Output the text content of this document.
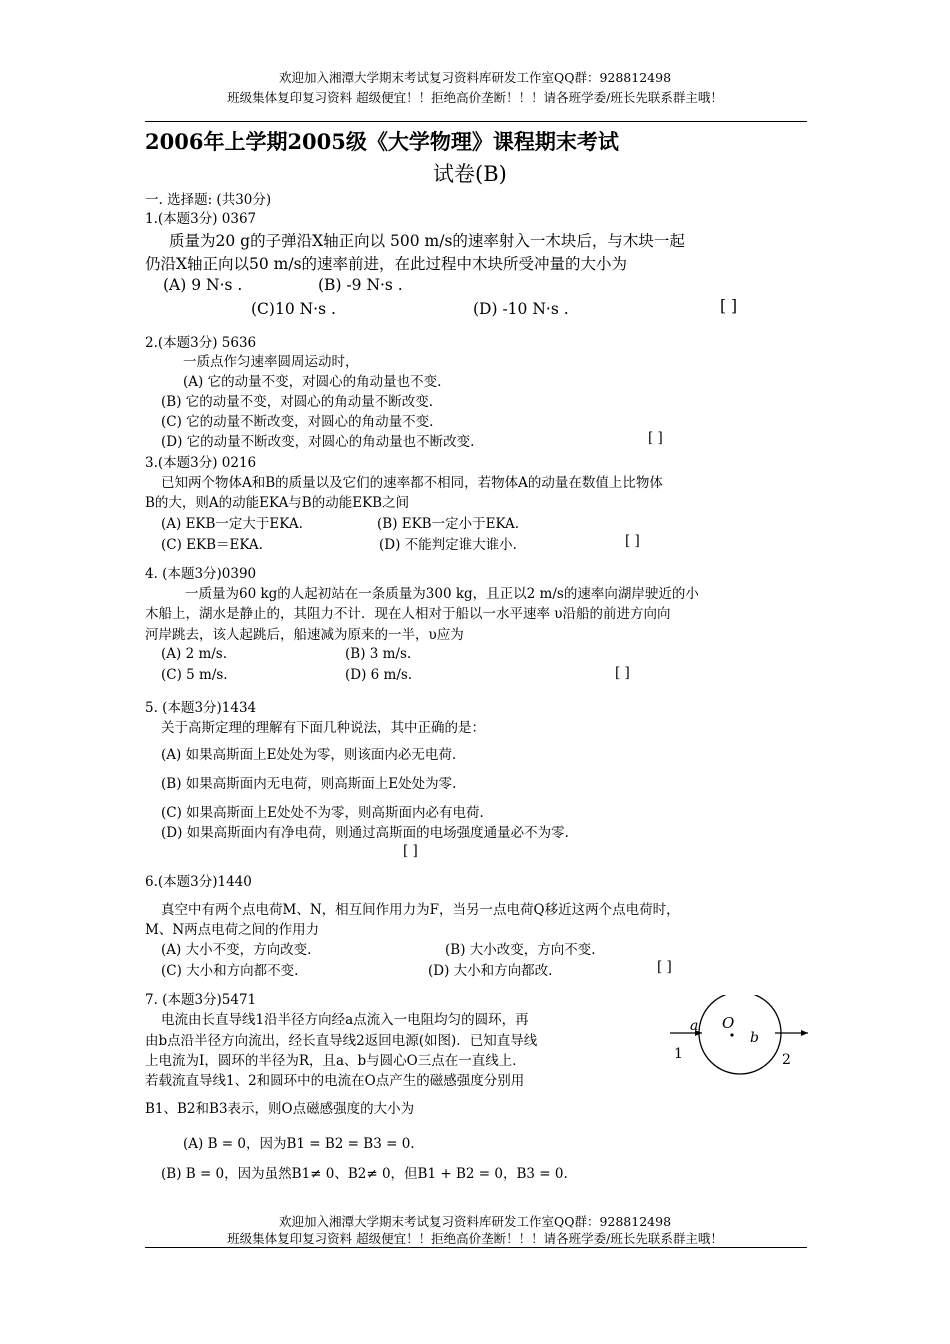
欢迎加入湘潭大学期末考试复习资料库研发工作室QQ群：928812498
班级集体复印复习资料 超级便宜！！拒绝高价垄断！！！请各班学委/班长先联系群主哦！
2006年上学期2005级《大学物理》课程期末考试
试卷(B)
一. 选择题: (共30分)
1.(本题3分) 0367
质量为20 g的子弹沿X轴正向以 500 m/s的速率射入一木块后，与木块一起
仍沿X轴正向以50 m/s的速率前进，在此过程中木块所受冲量的大小为
(A) 9 N·s .	(B) -9 N·s .
(C)10 N·s .	(D) -10 N·s .	[ ]
2.(本题3分) 5636
一质点作匀速率圆周运动时，
(A) 它的动量不变，对圆心的角动量也不变.
(B) 它的动量不变，对圆心的角动量不断改变.
(C) 它的动量不断改变，对圆心的角动量不变.
(D) 它的动量不断改变，对圆心的角动量也不断改变.	[ ]
3.(本题3分) 0216
已知两个物体A和B的质量以及它们的速率都不相同，若物体A的动量在数值上比物体
B的大，则A的动能EKA与B的动能EKB之间
(A) EKB一定大于EKA.	(B) EKB一定小于EKA.
(C) EKB＝EKA.	(D) 不能判定谁大谁小.	[ ]
4. (本题3分)0390
一质量为60 kg的人起初站在一条质量为300 kg，且正以2 m/s的速率向湖岸驶近的小
木船上，湖水是静止的，其阻力不计．现在人相对于船以一水平速率 υ沿船的前进方向向
河岸跳去，该人起跳后，船速减为原来的一半，υ应为
(A) 2 m/s.	(B) 3 m/s.
(C) 5 m/s.	(D) 6 m/s.	[ ]
5. (本题3分)1434
关于高斯定理的理解有下面几种说法，其中正确的是：
(A) 如果高斯面上E处处为零，则该面内必无电荷.
(B) 如果高斯面内无电荷，则高斯面上E处处为零.
(C) 如果高斯面上E处处不为零，则高斯面内必有电荷.
(D) 如果高斯面内有净电荷，则通过高斯面的电场强度通量必不为零.
[ ]
6.(本题3分)1440
真空中有两个点电荷M、N，相互间作用力为F，当另一点电荷Q移近这两个点电荷时，
M、N两点电荷之间的作用力
(A) 大小不变，方向改变.	(B) 大小改变，方向不变.
(C) 大小和方向都不变.	(D) 大小和方向都改.	[ ]
7. (本题3分)5471
电流由长直导线1沿半径方向经a点流入一电阻均匀的圆环，再
由b点沿半径方向流出，经长直导线2返回电源(如图)．已知直导线
上电流为I，圆环的半径为R，且a、b与圆心O三点在一直线上．
若载流直导线1、2和圆环中的电流在O点产生的磁感强度分别用
B1、B2和B3表示，则O点磁感强度的大小为
(A) B = 0，因为B1 = B2 = B3 = 0.
(B) B = 0，因为虽然B1≠ 0、B2≠ 0，但B1 + B2 = 0，B3 = 0.
a O
b
1	2
欢迎加入湘潭大学期末考试复习资料库研发工作室QQ群：928812498
班级集体复印复习资料 超级便宜！！拒绝高价垄断！！！请各班学委/班长先联系群主哦！
